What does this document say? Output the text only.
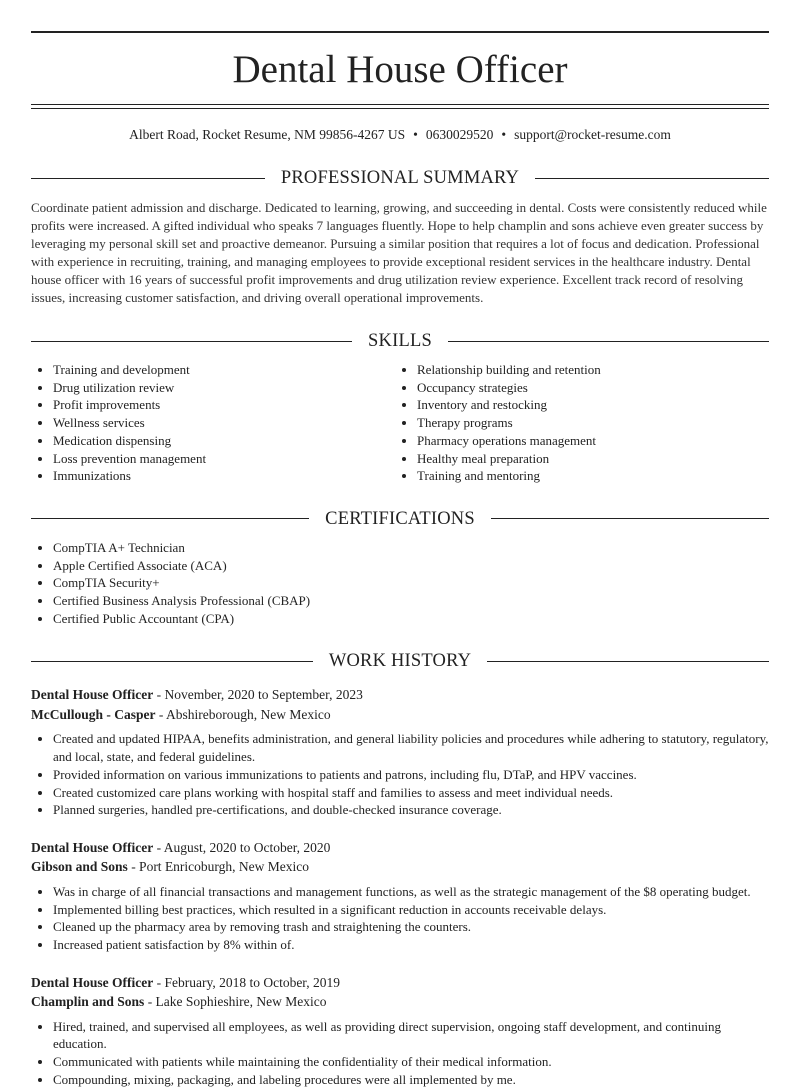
Dental House Officer
Albert Road, Rocket Resume, NM 99856-4267 US • 0630029520 • support@rocket-resume.com
PROFESSIONAL SUMMARY
Coordinate patient admission and discharge. Dedicated to learning, growing, and succeeding in dental. Costs were consistently reduced while profits were increased. A gifted individual who speaks 7 languages fluently. Hope to help champlin and sons achieve even greater success by leveraging my personal skill set and proactive demeanor. Pursuing a similar position that requires a lot of focus and dedication. Professional with experience in recruiting, training, and managing employees to provide exceptional resident services in the healthcare industry. Dental house officer with 16 years of successful profit improvements and drug utilization review experience. Excellent track record of resolving issues, increasing customer satisfaction, and driving overall operational improvements.
SKILLS
• Training and development
• Drug utilization review
• Profit improvements
• Wellness services
• Medication dispensing
• Loss prevention management
• Immunizations
• Relationship building and retention
• Occupancy strategies
• Inventory and restocking
• Therapy programs
• Pharmacy operations management
• Healthy meal preparation
• Training and mentoring
CERTIFICATIONS
• CompTIA A+ Technician
• Apple Certified Associate (ACA)
• CompTIA Security+
• Certified Business Analysis Professional (CBAP)
• Certified Public Accountant (CPA)
WORK HISTORY
Dental House Officer - November, 2020 to September, 2023
McCullough - Casper - Abshireborough, New Mexico
• Created and updated HIPAA, benefits administration, and general liability policies and procedures while adhering to statutory, regulatory, and local, state, and federal guidelines.
• Provided information on various immunizations to patients and patrons, including flu, DTaP, and HPV vaccines.
• Created customized care plans working with hospital staff and families to assess and meet individual needs.
• Planned surgeries, handled pre-certifications, and double-checked insurance coverage.
Dental House Officer - August, 2020 to October, 2020
Gibson and Sons - Port Enricoburgh, New Mexico
• Was in charge of all financial transactions and management functions, as well as the strategic management of the $8 operating budget.
• Implemented billing best practices, which resulted in a significant reduction in accounts receivable delays.
• Cleaned up the pharmacy area by removing trash and straightening the counters.
• Increased patient satisfaction by 8% within of.
Dental House Officer - February, 2018 to October, 2019
Champlin and Sons - Lake Sophieshire, New Mexico
• Hired, trained, and supervised all employees, as well as providing direct supervision, ongoing staff development, and continuing education.
• Communicated with patients while maintaining the confidentiality of their medical information.
• Compounding, mixing, packaging, and labeling procedures were all implemented by me.
